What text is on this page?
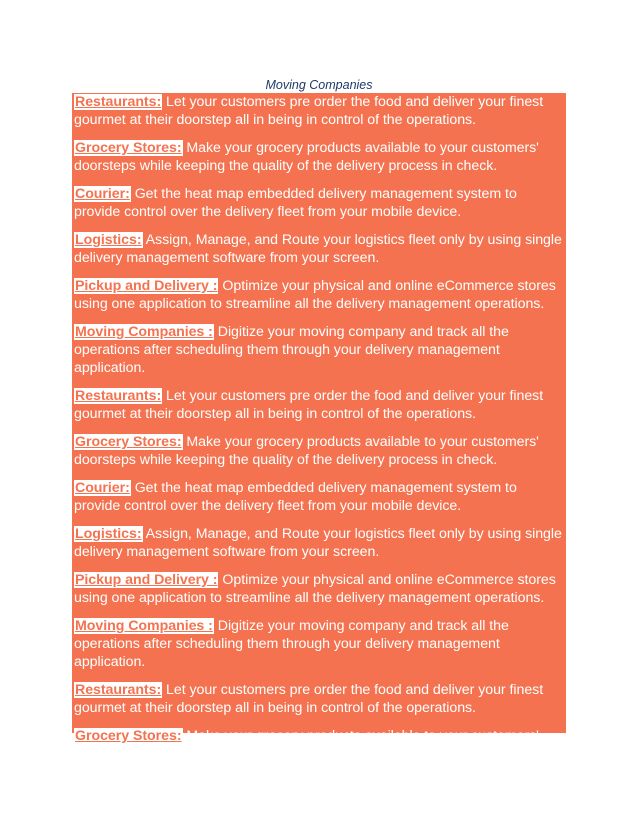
Moving Companies

Restaurants: Let your customers pre order the food and deliver your finest gourmet at their doorstep all in being in control of the operations.

Grocery Stores: Make your grocery products available to your customers' doorsteps while keeping the quality of the delivery process in check.

Courier: Get the heat map embedded delivery management system to provide control over the delivery fleet from your mobile device.

Logistics: Assign, Manage, and Route your logistics fleet only by using single delivery management software from your screen.

Pickup and Delivery : Optimize your physical and online eCommerce stores using one application to streamline all the delivery management operations.

Moving Companies : Digitize your moving company and track all the operations after scheduling them through your delivery management application.

Restaurants: Let your customers pre order the food and deliver your finest gourmet at their doorstep all in being in control of the operations.

Grocery Stores: Make your grocery products available to your customers' doorsteps while keeping the quality of the delivery process in check.

Courier: Get the heat map embedded delivery management system to provide control over the delivery fleet from your mobile device.

Logistics: Assign, Manage, and Route your logistics fleet only by using single delivery management software from your screen.

Pickup and Delivery : Optimize your physical and online eCommerce stores using one application to streamline all the delivery management operations.

Moving Companies : Digitize your moving company and track all the operations after scheduling them through your delivery management application.

Restaurants: Let your customers pre order the food and deliver your finest gourmet at their doorstep all in being in control of the operations.

Grocery Stores: Make your grocery products available to your customers' doorsteps while keeping the quality of the delivery process in check.
